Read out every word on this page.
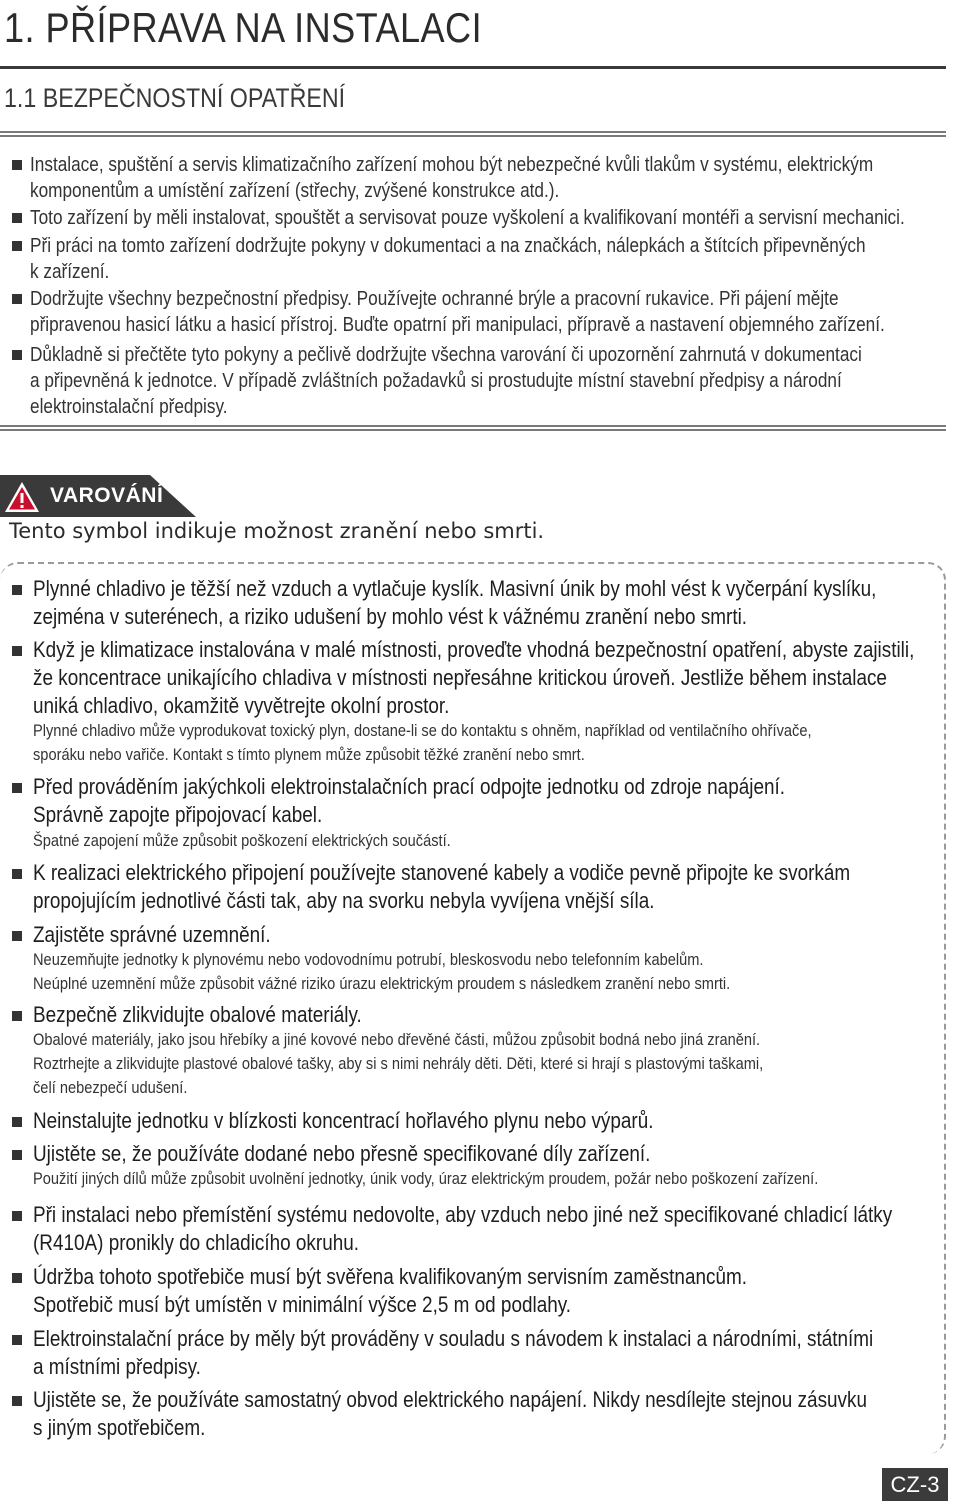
1. PŘÍPRAVA NA INSTALACI
1.1 BEZPEČNOSTNÍ OPATŘENÍ
Instalace, spuštění a servis klimatizačního zařízení mohou být nebezpečné kvůli tlakům v systému, elektrickým
komponentům a umístění zařízení (střechy, zvýšené konstrukce atd.).
Toto zařízení by měli instalovat, spouštět a servisovat pouze vyškolení a kvalifikovaní montéři a servisní mechanici.
Při práci na tomto zařízení dodržujte pokyny v dokumentaci a na značkách, nálepkách a štítcích připevněných
k zařízení.
Dodržujte všechny bezpečnostní předpisy. Používejte ochranné brýle a pracovní rukavice. Při pájení mějte
připravenou hasicí látku a hasicí přístroj. Buďte opatrní při manipulaci, přípravě a nastavení objemného zařízení.
Důkladně si přečtěte tyto pokyny a pečlivě dodržujte všechna varování či upozornění zahrnutá v dokumentaci
a připevněná k jednotce. V případě zvláštních požadavků si prostudujte místní stavební předpisy a národní
elektroinstalační předpisy.
VAROVÁNÍ
Tento symbol indikuje možnost zranění nebo smrti.
Plynné chladivo je těžší než vzduch a vytlačuje kyslík. Masivní únik by mohl vést k vyčerpání kyslíku,
zejména v suterénech, a riziko udušení by mohlo vést k vážnému zranění nebo smrti.
Když je klimatizace instalována v malé místnosti, proveďte vhodná bezpečnostní opatření, abyste zajistili,
že koncentrace unikajícího chladiva v místnosti nepřesáhne kritickou úroveň. Jestliže během instalace
uniká chladivo, okamžitě vyvětrejte okolní prostor.
Plynné chladivo může vyprodukovat toxický plyn, dostane-li se do kontaktu s ohněm, například od ventilačního ohřívače,
sporáku nebo vařiče. Kontakt s tímto plynem může způsobit těžké zranění nebo smrt.
Před prováděním jakýchkoli elektroinstalačních prací odpojte jednotku od zdroje napájení.
Správně zapojte připojovací kabel.
Špatné zapojení může způsobit poškození elektrických součástí.
K realizaci elektrického připojení používejte stanovené kabely a vodiče pevně připojte ke svorkám
propojujícím jednotlivé části tak, aby na svorku nebyla vyvíjena vnější síla.
Zajistěte správné uzemnění.
Neuzemňujte jednotky k plynovému nebo vodovodnímu potrubí, bleskosvodu nebo telefonním kabelům.
Neúplné uzemnění může způsobit vážné riziko úrazu elektrickým proudem s následkem zranění nebo smrti.
Bezpečně zlikvidujte obalové materiály.
Obalové materiály, jako jsou hřebíky a jiné kovové nebo dřevěné části, můžou způsobit bodná nebo jiná zranění.
Roztrhejte a zlikvidujte plastové obalové tašky, aby si s nimi nehrály děti. Děti, které si hrají s plastovými taškami,
čelí nebezpečí udušení.
Neinstalujte jednotku v blízkosti koncentrací hořlavého plynu nebo výparů.
Ujistěte se, že používáte dodané nebo přesně specifikované díly zařízení.
Použití jiných dílů může způsobit uvolnění jednotky, únik vody, úraz elektrickým proudem, požár nebo poškození zařízení.
Při instalaci nebo přemístění systému nedovolte, aby vzduch nebo jiné než specifikované chladicí látky
(R410A) pronikly do chladicího okruhu.
Údržba tohoto spotřebiče musí být svěřena kvalifikovaným servisním zaměstnancům.
Spotřebič musí být umístěn v minimální výšce 2,5 m od podlahy.
Elektroinstalační práce by měly být prováděny v souladu s návodem k instalaci a národními, státními
a místními předpisy.
Ujistěte se, že používáte samostatný obvod elektrického napájení. Nikdy nesdílejte stejnou zásuvku
s jiným spotřebičem.
CZ-3
